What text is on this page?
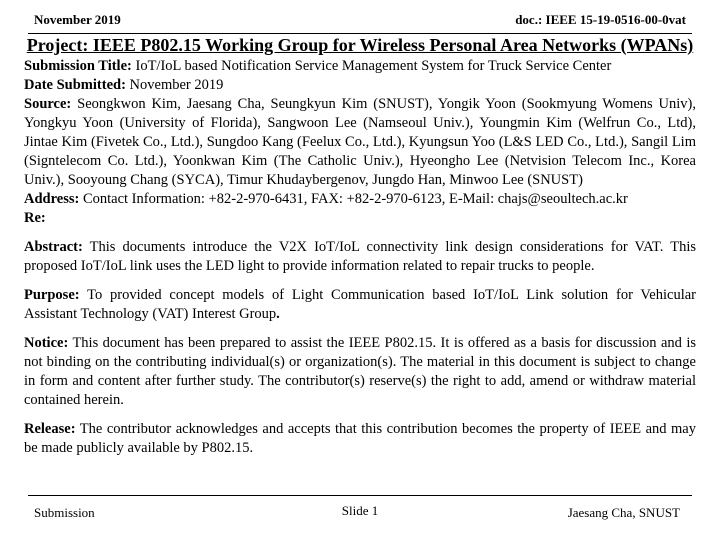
November 2019	doc.: IEEE 15-19-0516-00-0vat
Project: IEEE P802.15 Working Group for Wireless Personal Area Networks (WPANs)

Submission Title: IoT/IoL based Notification Service Management System for Truck Service Center

Date Submitted: November 2019

Source: Seongkwon Kim, Jaesang Cha, Seungkyun Kim (SNUST), Yongik Yoon (Sookmyung Womens Univ), Yongkyu Yoon (University of Florida), Sangwoon Lee (Namseoul Univ.), Youngmin Kim (Welfrun Co., Ltd), Jintae Kim (Fivetek Co., Ltd.), Sungdoo Kang (Feelux Co., Ltd.), Kyungsun Yoo (L&S LED Co., Ltd.), Sangil Lim (Signtelecom Co. Ltd.), Yoonkwan Kim (The Catholic Univ.), Hyeongho Lee (Netvision Telecom Inc., Korea Univ.), Sooyoung Chang (SYCA), Timur Khudaybergenov, Jungdo Han, Minwoo Lee (SNUST)

Address: Contact Information: +82-2-970-6431, FAX: +82-2-970-6123, E-Mail: chajs@seoultech.ac.kr

Re:

Abstract: This documents introduce the V2X IoT/IoL connectivity link design considerations for VAT. This proposed IoT/IoL link uses the LED light to provide information related to repair trucks to people.

Purpose: To provided concept models of Light Communication based IoT/IoL Link solution for Vehicular Assistant Technology (VAT) Interest Group.

Notice: This document has been prepared to assist the IEEE P802.15. It is offered as a basis for discussion and is not binding on the contributing individual(s) or organization(s). The material in this document is subject to change in form and content after further study. The contributor(s) reserve(s) the right to add, amend or withdraw material contained herein.

Release: The contributor acknowledges and accepts that this contribution becomes the property of IEEE and may be made publicly available by P802.15.

Submission	Slide 1	Jaesang Cha, SNUST
